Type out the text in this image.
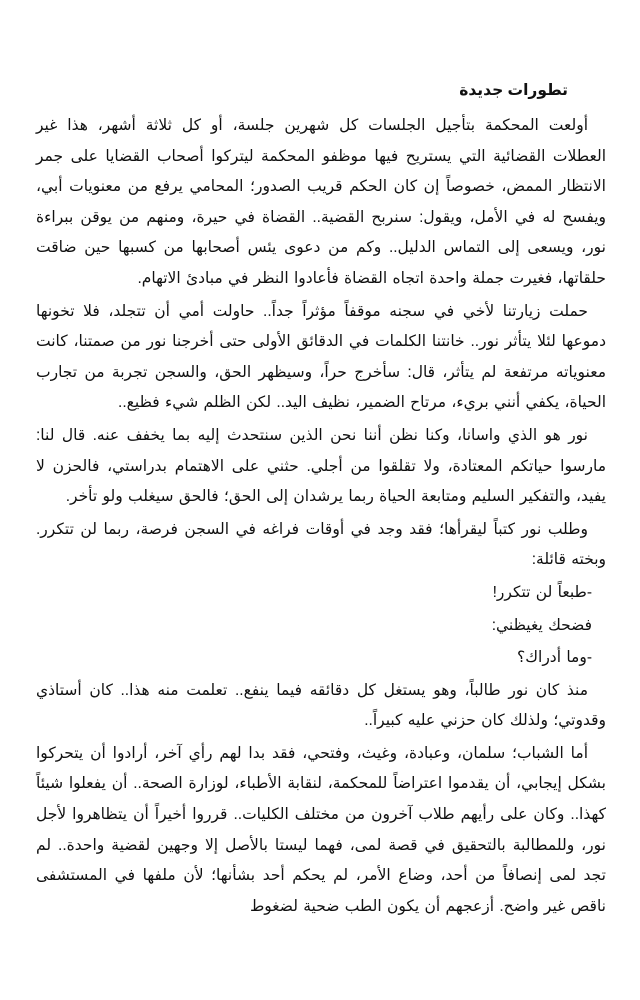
تطورات جديدة

أولعت المحكمة بتأجيل الجلسات كل شهرين جلسة، أو كل ثلاثة أشهر، هذا غير العطلات القضائية التي يستريح فيها موظفو المحكمة ليتركوا أصحاب القضايا على جمر الانتظار الممض، خصوصاً إن كان الحكم قريب الصدور؛ المحامي يرفع من معنويات أبي، ويفسح له في الأمل، ويقول: سنربح القضية.. القضاة في حيرة، ومنهم من يوقن ببراءة نور، ويسعى إلى التماس الدليل.. وكم من دعوى يئس أصحابها من كسبها حين ضاقت حلقاتها، فغيرت جملة واحدة اتجاه القضاة فأعادوا النظر في مبادئ الاتهام.

حملت زيارتنا لأخي في سجنه موقفاً مؤثراً جداً.. حاولت أمي أن تتجلد، فلا تخونها دموعها لئلا يتأثر نور.. خانتنا الكلمات في الدقائق الأولى حتى أخرجنا نور من صمتنا، كانت معنوياته مرتفعة لم يتأثر، قال: سأخرج حراً، وسيظهر الحق، والسجن تجربة من تجارب الحياة، يكفي أنني بريء، مرتاح الضمير، نظيف اليد.. لكن الظلم شيء فظيع..

نور هو الذي واسانا، وكنا نظن أننا نحن الذين سنتحدث إليه بما يخفف عنه. قال لنا: مارسوا حياتكم المعتادة، ولا تقلقوا من أجلي. حثني على الاهتمام بدراستي، فالحزن لا يفيد، والتفكير السليم ومتابعة الحياة ربما يرشدان إلى الحق؛ فالحق سيغلب ولو تأخر.

وطلب نور كتباً ليقرأها؛ فقد وجد في أوقات فراغه في السجن فرصة، ربما لن تتكرر. وبخته قائلة:

-طبعاً لن تتكرر!

فضحك يغيظني:

-وما أدراك؟

منذ كان نور طالباً، وهو يستغل كل دقائقه فيما ينفع.. تعلمت منه هذا.. كان أستاذي وقدوتي؛ ولذلك كان حزني عليه كبيراً..

أما الشباب؛ سلمان، وعبادة، وغيث، وفتحي، فقد بدا لهم رأي آخر، أرادوا أن يتحركوا بشكل إيجابي، أن يقدموا اعتراضاً للمحكمة، لنقابة الأطباء، لوزارة الصحة.. أن يفعلوا شيئاً كهذا.. وكان على رأيهم طلاب آخرون من مختلف الكليات.. قرروا أخيراً أن يتظاهروا لأجل نور، وللمطالبة بالتحقيق في قصة لمى، فهما ليستا بالأصل إلا وجهين لقضية واحدة.. لم تجد لمى إنصافاً من أحد، وضاع الأمر، لم يحكم أحد بشأنها؛ لأن ملفها في المستشفى ناقص غير واضح. أزعجهم أن يكون الطب ضحية لضغوط
